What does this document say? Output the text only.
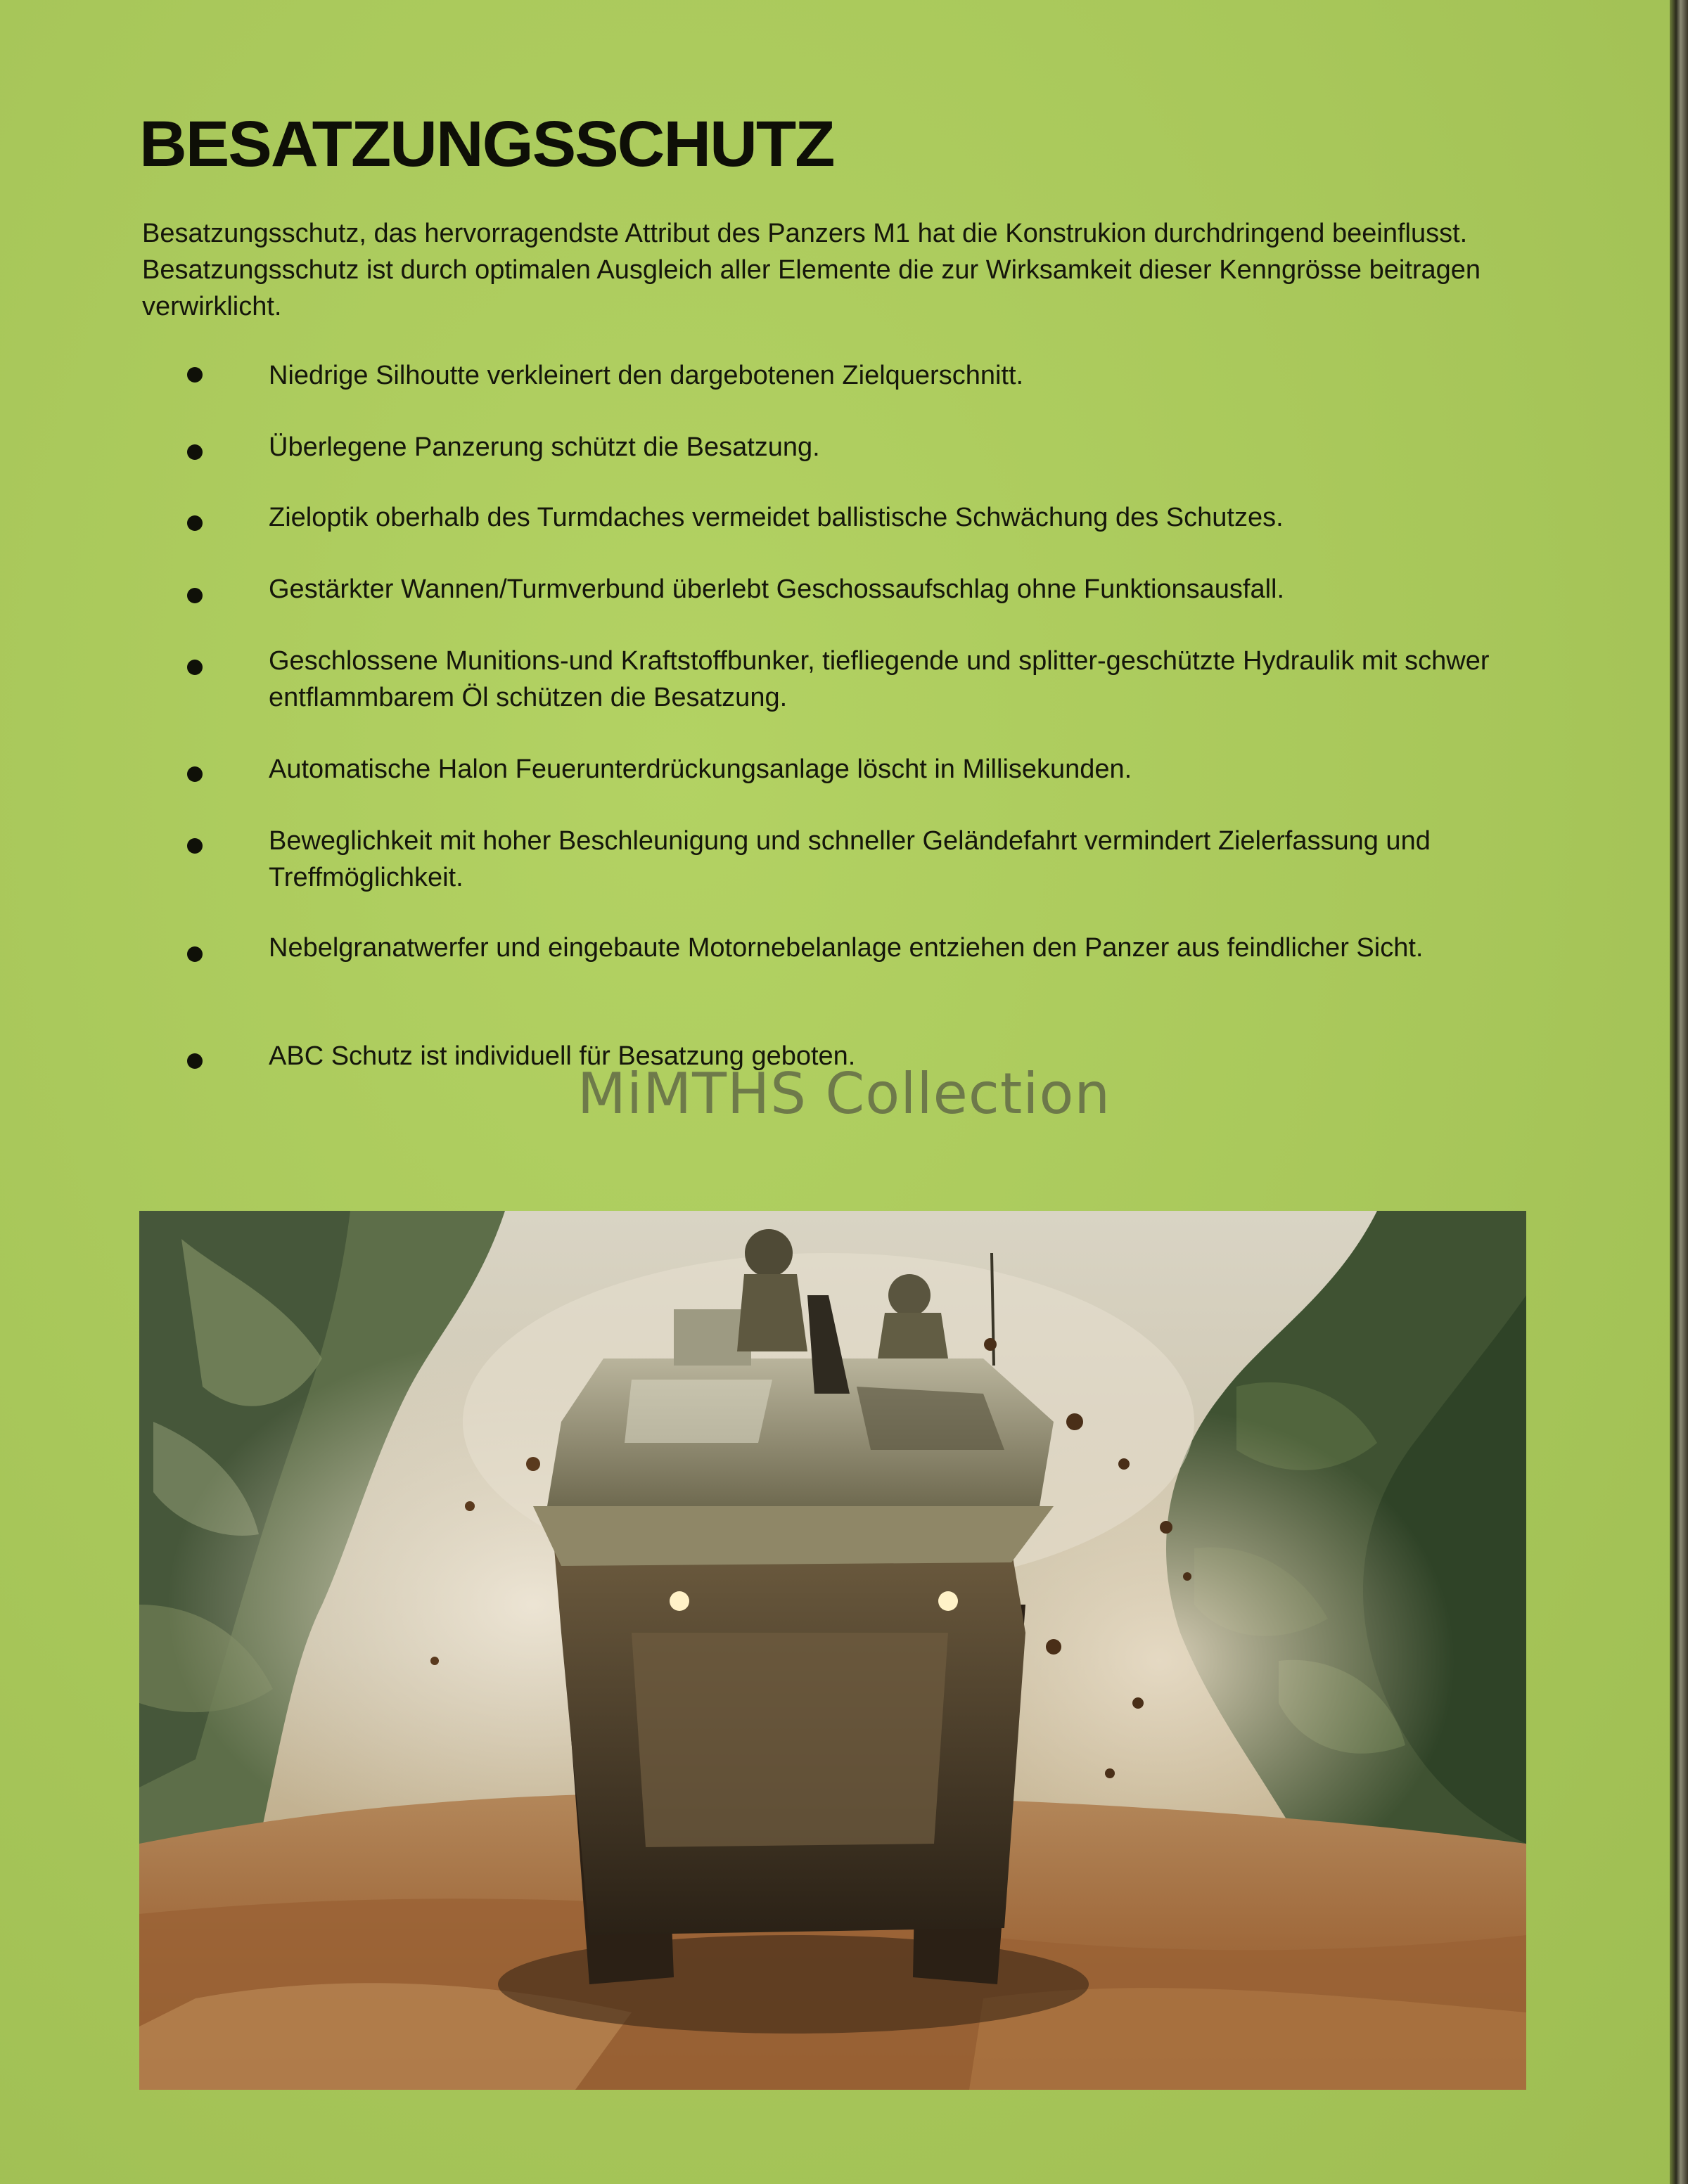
BESATZUNGSSCHUTZ

Besatzungsschutz, das hervorragendste Attribut des Panzers M1 hat die Konstrukion durchdringend beeinflusst. Besatzungsschutz ist durch optimalen Ausgleich aller Elemente die zur Wirksamkeit dieser Kenngrösse beitragen verwirklicht.

Niedrige Silhoutte verkleinert den dargebotenen Zielquerschnitt.

Überlegene Panzerung schützt die Besatzung.

Zieloptik oberhalb des Turmdaches vermeidet ballistische Schwächung des Schutzes.

Gestärkter Wannen/Turmverbund überlebt Geschossaufschlag ohne Funktionsausfall.

Geschlossene Munitions-und Kraftstoffbunker, tiefliegende und splitter-geschützte Hydraulik mit schwer entflammbarem Öl schützen die Besatzung.

Automatische Halon Feuerunterdrückungsanlage löscht in Millisekunden.

Beweglichkeit mit hoher Beschleunigung und schneller Geländefahrt vermindert Zielerfassung und Treffmöglichkeit.

Nebelgranatwerfer und eingebaute Motornebelanlage entziehen den Panzer aus feindlicher Sicht.

ABC Schutz ist individuell für Besatzung geboten.

MiMTHS Collection
